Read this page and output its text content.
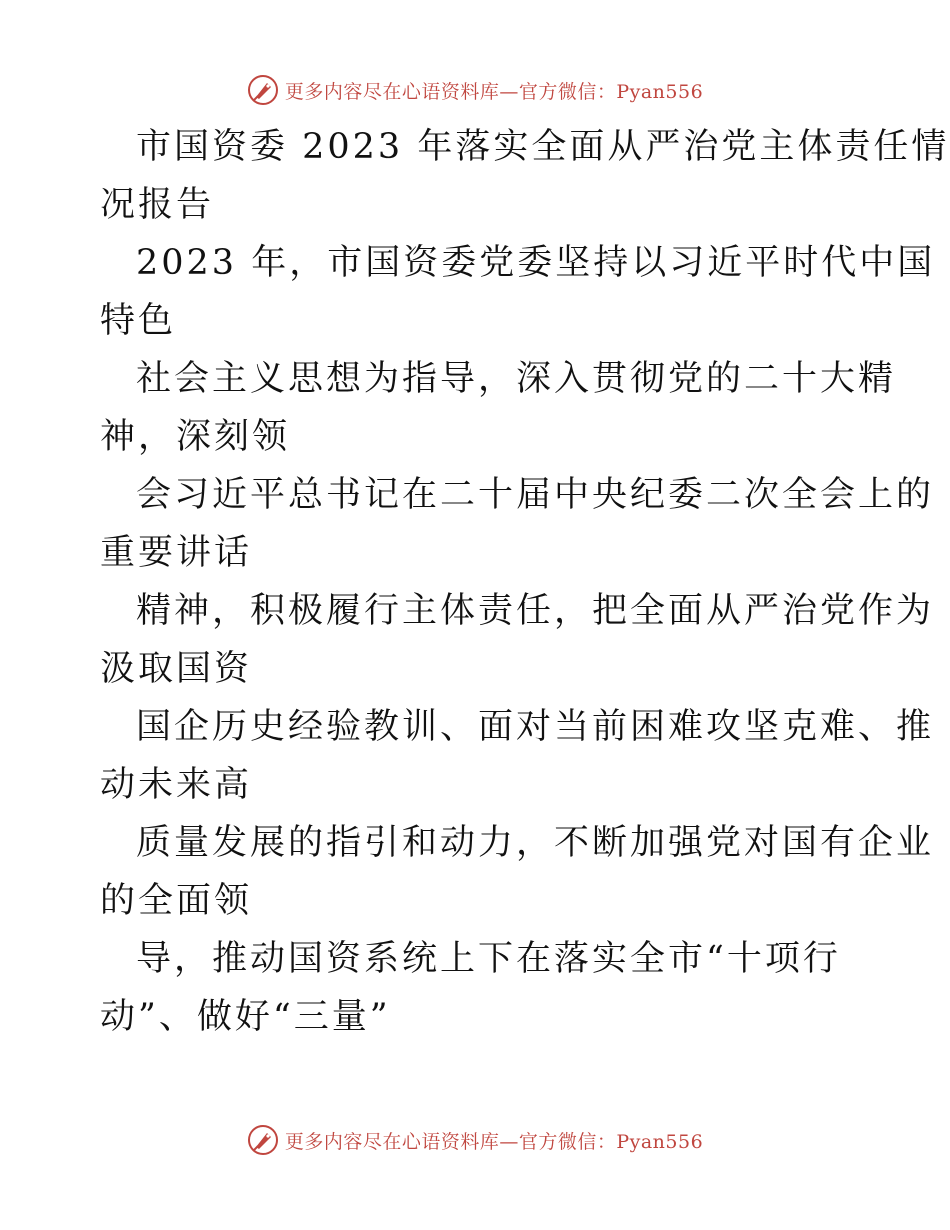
更多内容尽在心语资料库—官方微信：Pyan556
市国资委 2023 年落实全面从严治党主体责任情
况报告
2023 年，市国资委党委坚持以习近平时代中国
特色
社会主义思想为指导，深入贯彻党的二十大精
神，深刻领
会习近平总书记在二十届中央纪委二次全会上的
重要讲话
精神，积极履行主体责任，把全面从严治党作为
汲取国资
国企历史经验教训、面对当前困难攻坚克难、推
动未来高
质量发展的指引和动力，不断加强党对国有企业
的全面领
导，推动国资系统上下在落实全市“十项行
动”、做好“三量”
更多内容尽在心语资料库—官方微信：Pyan556
